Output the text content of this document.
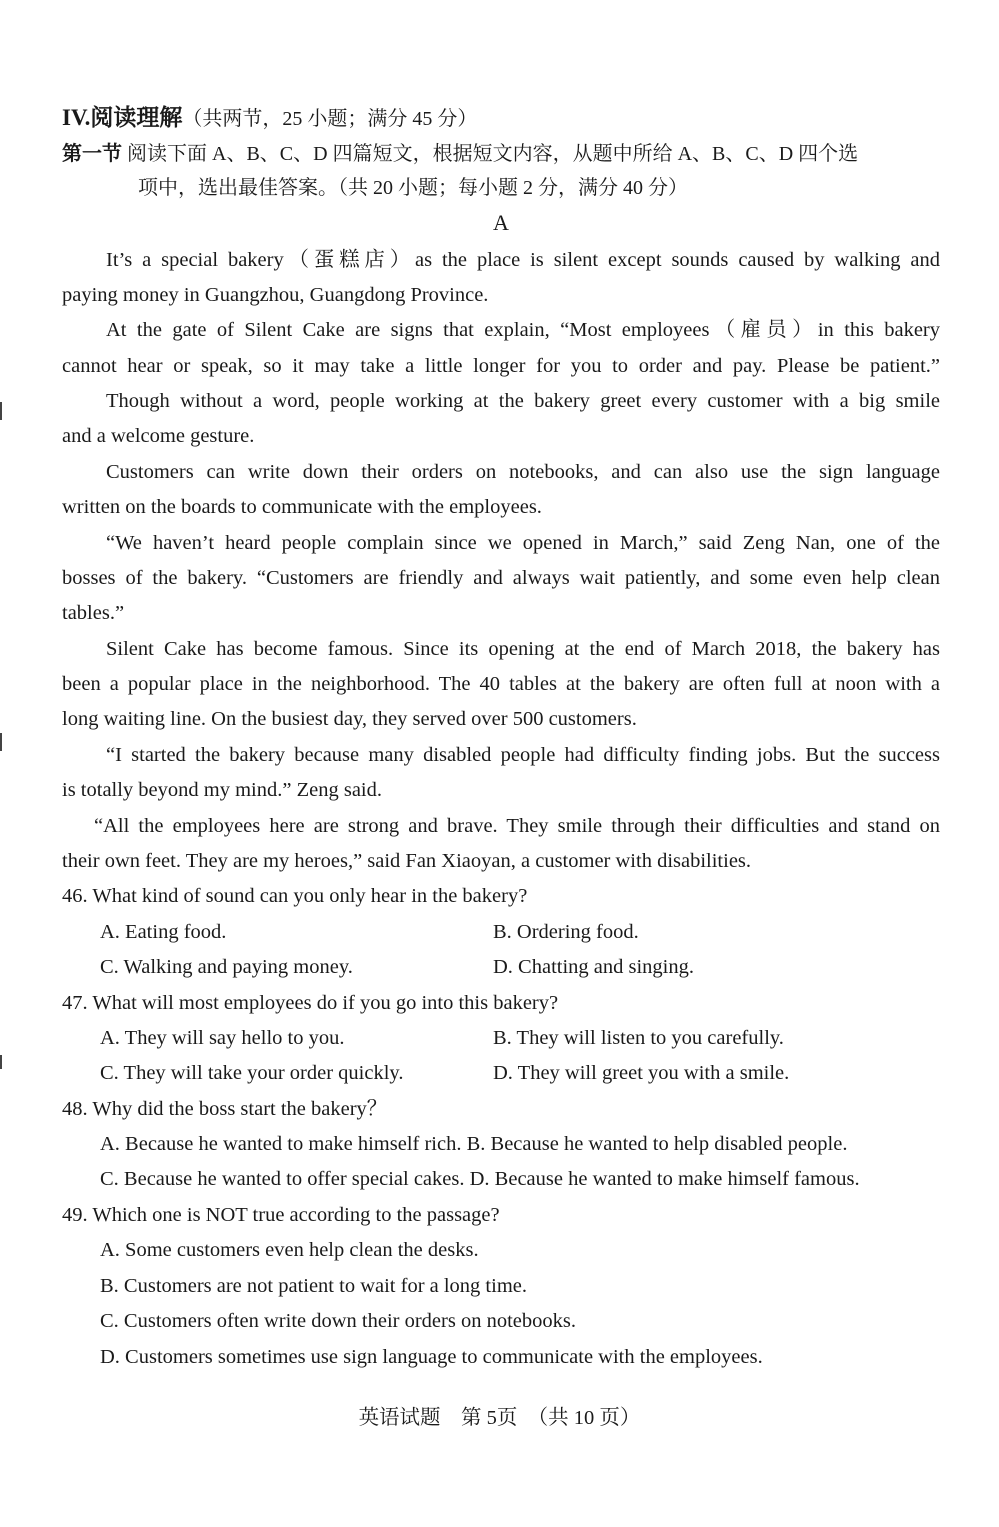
IV.阅读理解（共两节，25 小题；满分 45 分）
第一节 阅读下面 A、B、C、D 四篇短文，根据短文内容，从题中所给 A、B、C、D 四个选
项中，选出最佳答案。（共 20 小题；每小题 2 分，满分 40 分）
A
It’s a special bakery（蛋糕店）as the place is silent except sounds caused by walking and
paying money in Guangzhou, Guangdong Province.
At the gate of Silent Cake are signs that explain, “Most employees（雇员）in this bakery
cannot hear or speak, so it may take a little longer for you to order and pay. Please be patient.”
Though without a word, people working at the bakery greet every customer with a big smile
and a welcome gesture.
Customers can write down their orders on notebooks, and can also use the sign language
written on the boards to communicate with the employees.
“We haven’t heard people complain since we opened in March,” said Zeng Nan, one of the
bosses of the bakery. “Customers are friendly and always wait patiently, and some even help clean
tables.”
Silent Cake has become famous. Since its opening at the end of March 2018, the bakery has
been a popular place in the neighborhood. The 40 tables at the bakery are often full at noon with a
long waiting line. On the busiest day, they served over 500 customers.
“I started the bakery because many disabled people had difficulty finding jobs. But the success
is totally beyond my mind.” Zeng said.
“All the employees here are strong and brave. They smile through their difficulties and stand on
their own feet. They are my heroes,” said Fan Xiaoyan, a customer with disabilities.
46. What kind of sound can you only hear in the bakery?
A. Eating food.	B. Ordering food.
C. Walking and paying money.	D. Chatting and singing.
47. What will most employees do if you go into this bakery?
A. They will say hello to you.	B. They will listen to you carefully.
C. They will take your order quickly.	D. They will greet you with a smile.
48. Why did the boss start the bakery？
A. Because he wanted to make himself rich. B. Because he wanted to help disabled people.
C. Because he wanted to offer special cakes. D. Because he wanted to make himself famous.
49. Which one is NOT true according to the passage?
A. Some customers even help clean the desks.
B. Customers are not patient to wait for a long time.
C. Customers often write down their orders on notebooks.
D. Customers sometimes use sign language to communicate with the employees.
英语试题　第 5页　（共 10 页）
